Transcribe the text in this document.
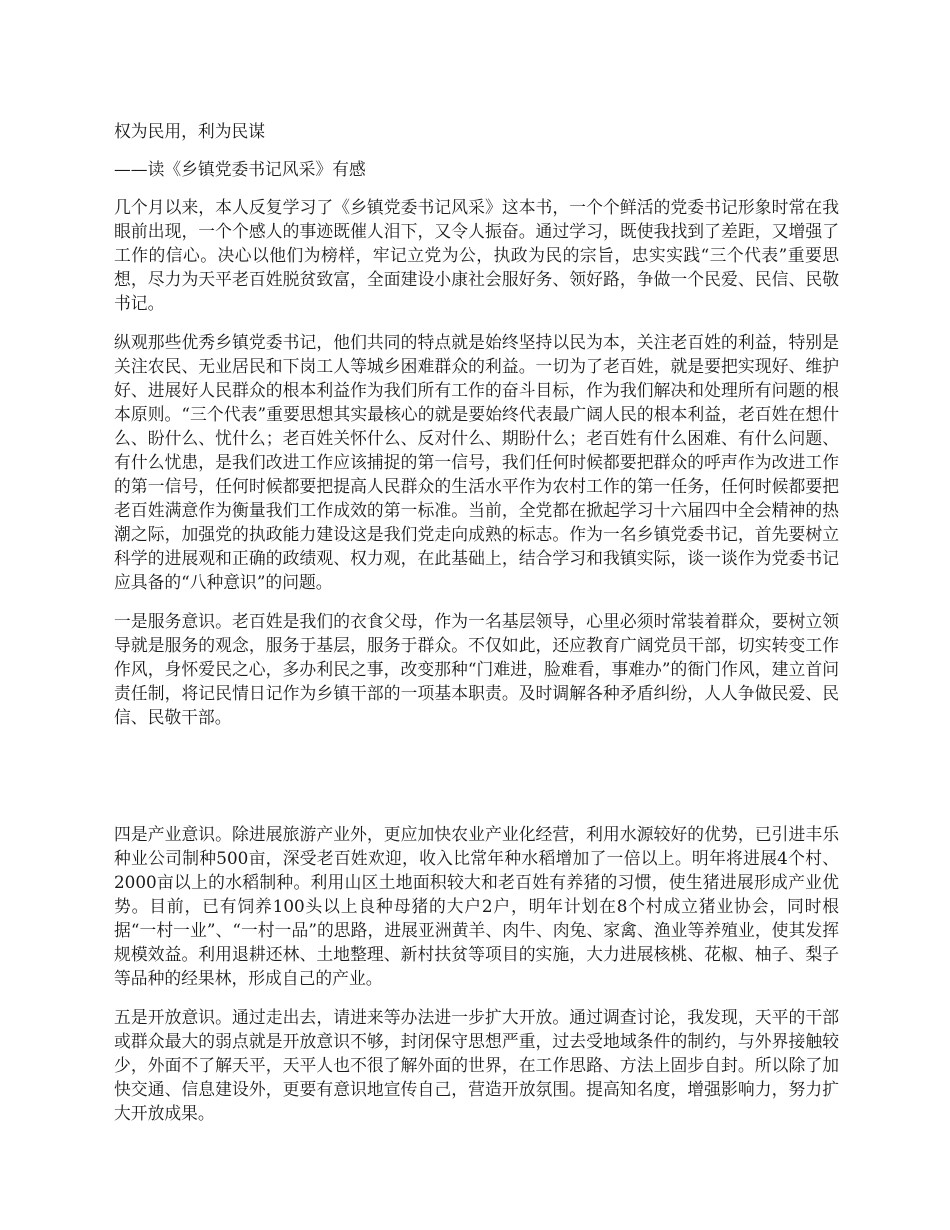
权为民用，利为民谋

——读《乡镇党委书记风采》有感

几个月以来，本人反复学习了《乡镇党委书记风采》这本书，一个个鲜活的党委书记形象时常在我眼前出现，一个个感人的事迹既催人泪下，又令人振奋。通过学习，既使我找到了差距，又增强了工作的信心。决心以他们为榜样，牢记立党为公，执政为民的宗旨，忠实实践“三个代表”重要思想，尽力为天平老百姓脱贫致富，全面建设小康社会服好务、领好路，争做一个民爱、民信、民敬书记。

纵观那些优秀乡镇党委书记，他们共同的特点就是始终坚持以民为本，关注老百姓的利益，特别是关注农民、无业居民和下岗工人等城乡困难群众的利益。一切为了老百姓，就是要把实现好、维护好、进展好人民群众的根本利益作为我们所有工作的奋斗目标，作为我们解决和处理所有问题的根本原则。“三个代表”重要思想其实最核心的就是要始终代表最广阔人民的根本利益，老百姓在想什么、盼什么、忧什么；老百姓关怀什么、反对什么、期盼什么；老百姓有什么困难、有什么问题、有什么忧患，是我们改进工作应该捕捉的第一信号，我们任何时候都要把群众的呼声作为改进工作的第一信号，任何时候都要把提高人民群众的生活水平作为农村工作的第一任务，任何时候都要把老百姓满意作为衡量我们工作成效的第一标准。当前，全党都在掀起学习十六届四中全会精神的热潮之际，加强党的执政能力建设这是我们党走向成熟的标志。作为一名乡镇党委书记，首先要树立科学的进展观和正确的政绩观、权力观，在此基础上，结合学习和我镇实际，谈一谈作为党委书记应具备的“八种意识”的问题。

一是服务意识。老百姓是我们的衣食父母，作为一名基层领导，心里必须时常装着群众，要树立领导就是服务的观念，服务于基层，服务于群众。不仅如此，还应教育广阔党员干部，切实转变工作作风，身怀爱民之心，多办利民之事，改变那种“门难进，脸难看，事难办”的衙门作风，建立首问责任制，将记民情日记作为乡镇干部的一项基本职责。及时调解各种矛盾纠纷，人人争做民爱、民信、民敬干部。

四是产业意识。除进展旅游产业外，更应加快农业产业化经营，利用水源较好的优势，已引进丰乐种业公司制种500亩，深受老百姓欢迎，收入比常年种水稻增加了一倍以上。明年将进展4个村、2000亩以上的水稻制种。利用山区土地面积较大和老百姓有养猪的习惯，使生猪进展形成产业优势。目前，已有饲养100头以上良种母猪的大户2户，明年计划在8个村成立猪业协会，同时根据“一村一业”、“一村一品”的思路，进展亚洲黄羊、肉牛、肉兔、家禽、渔业等养殖业，使其发挥规模效益。利用退耕还林、土地整理、新村扶贫等项目的实施，大力进展核桃、花椒、柚子、梨子等品种的经果林，形成自己的产业。

五是开放意识。通过走出去，请进来等办法进一步扩大开放。通过调查讨论，我发现，天平的干部或群众最大的弱点就是开放意识不够，封闭保守思想严重，过去受地域条件的制约，与外界接触较少，外面不了解天平，天平人也不很了解外面的世界，在工作思路、方法上固步自封。所以除了加快交通、信息建设外，更要有意识地宣传自己，营造开放氛围。提高知名度，增强影响力，努力扩大开放成果。
